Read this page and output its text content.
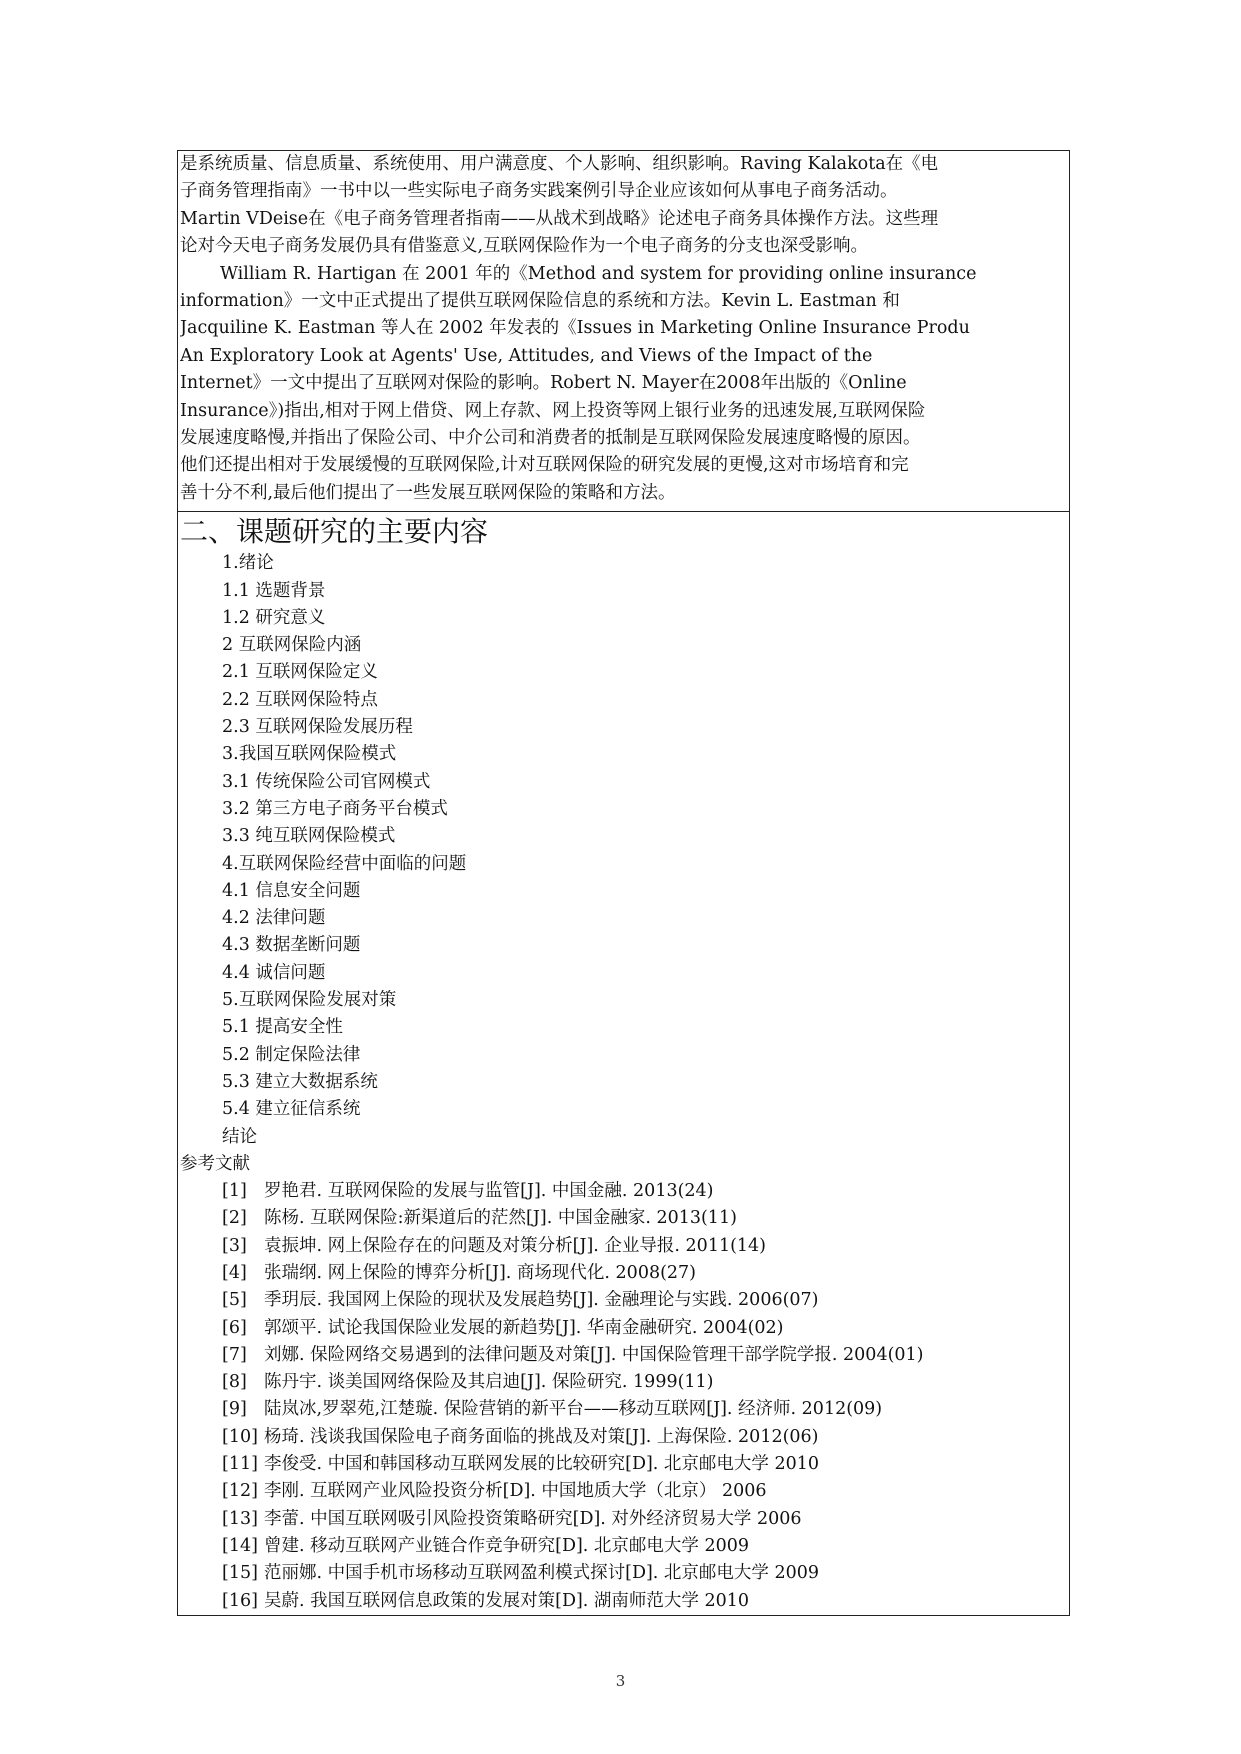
是系统质量、信息质量、系统使用、用户满意度、个人影响、组织影响。Raving Kalakota在《电

子商务管理指南》一书中以一些实际电子商务实践案例引导企业应该如何从事电子商务活动。

Martin VDeise在《电子商务管理者指南——从战术到战略》论述电子商务具体操作方法。这些理

论对今天电子商务发展仍具有借鉴意义,互联网保险作为一个电子商务的分支也深受影响。

William R. Hartigan 在 2001 年的《Method and system for providing online insurance

information》一文中正式提出了提供互联网保险信息的系统和方法。Kevin L. Eastman 和

Jacquiline K. Eastman 等人在 2002 年发表的《Issues in Marketing Online Insurance Produ

An Exploratory Look at Agents' Use, Attitudes, and Views of the Impact of the

Internet》一文中提出了互联网对保险的影响。Robert N. Mayer在2008年出版的《Online

Insurance》)指出,相对于网上借贷、网上存款、网上投资等网上银行业务的迅速发展,互联网保险

发展速度略慢,并指出了保险公司、中介公司和消费者的抵制是互联网保险发展速度略慢的原因。

他们还提出相对于发展缓慢的互联网保险,计对互联网保险的研究发展的更慢,这对市场培育和完

善十分不利,最后他们提出了一些发展互联网保险的策略和方法。

二、课题研究的主要内容
1.绪论
1.1 选题背景
1.2 研究意义
2 互联网保险内涵
2.1 互联网保险定义
2.2 互联网保险特点
2.3 互联网保险发展历程
3.我国互联网保险模式
3.1 传统保险公司官网模式
3.2 第三方电子商务平台模式
3.3 纯互联网保险模式
4.互联网保险经营中面临的问题
4.1 信息安全问题
4.2 法律问题
4.3 数据垄断问题
4.4 诚信问题
5.互联网保险发展对策
5.1 提高安全性
5.2 制定保险法律
5.3 建立大数据系统
5.4 建立征信系统
结论

参考文献

[1] 罗艳君. 互联网保险的发展与监管[J]. 中国金融. 2013(24)
[2] 陈杨. 互联网保险:新渠道后的茫然[J]. 中国金融家. 2013(11)
[3] 袁振坤. 网上保险存在的问题及对策分析[J]. 企业导报. 2011(14)
[4] 张瑞纲. 网上保险的博弈分析[J]. 商场现代化. 2008(27)
[5] 季玥辰. 我国网上保险的现状及发展趋势[J]. 金融理论与实践. 2006(07)
[6] 郭颂平. 试论我国保险业发展的新趋势[J]. 华南金融研究. 2004(02)
[7] 刘娜. 保险网络交易遇到的法律问题及对策[J]. 中国保险管理干部学院学报. 2004(01)
[8] 陈丹宇. 谈美国网络保险及其启迪[J]. 保险研究. 1999(11)
[9] 陆岚冰,罗翠苑,江楚璇. 保险营销的新平台——移动互联网[J]. 经济师. 2012(09)
[10] 杨琦. 浅谈我国保险电子商务面临的挑战及对策[J]. 上海保险. 2012(06)
[11] 李俊受. 中国和韩国移动互联网发展的比较研究[D]. 北京邮电大学 2010
[12] 李刚. 互联网产业风险投资分析[D]. 中国地质大学（北京） 2006
[13] 李蕾. 中国互联网吸引风险投资策略研究[D]. 对外经济贸易大学 2006
[14] 曾建. 移动互联网产业链合作竞争研究[D]. 北京邮电大学 2009
[15] 范丽娜. 中国手机市场移动互联网盈利模式探讨[D]. 北京邮电大学 2009
[16] 吴蔚. 我国互联网信息政策的发展对策[D]. 湖南师范大学 2010
3
